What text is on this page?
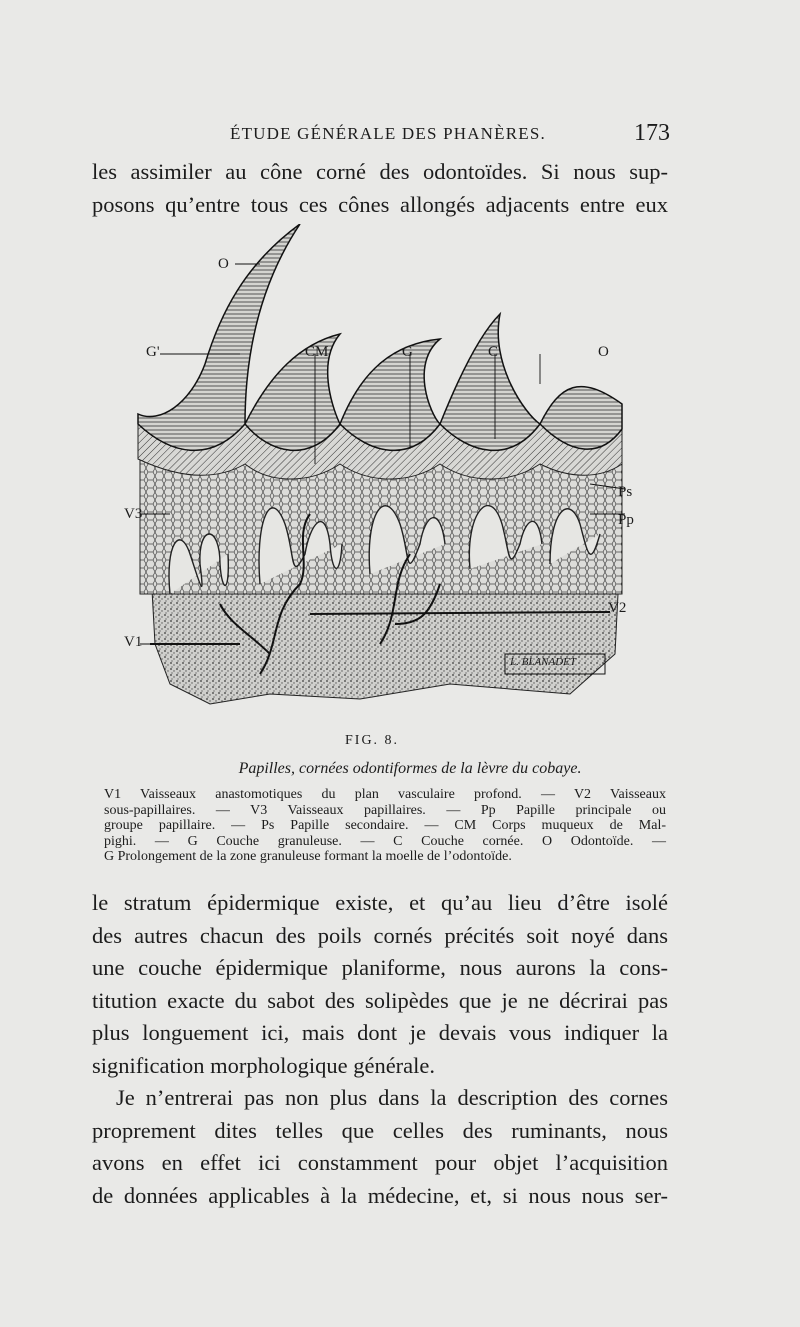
ÉTUDE GÉNÉRALE DES PHANÈRES.	173
les assimiler au cône corné des odontoïdes. Si nous sup-
posons qu’entre tous ces cônes allongés adjacents entre eux
O
G'	CM	G	C	O
Ps
Pp
V3
V2
V1
L. BLANADET
FIG. 8.
Papilles, cornées odontiformes de la lèvre du cobaye.
V1 Vaisseaux anastomotiques du plan vasculaire profond. — V2 Vaisseaux
sous-papillaires. — V3 Vaisseaux papillaires. — Pp Papille principale ou
groupe papillaire. — Ps Papille secondaire. — CM Corps muqueux de Mal-
pighi. — G Couche granuleuse. — C Couche cornée. O Odontoïde. —
G Prolongement de la zone granuleuse formant la moelle de l’odontoïde.
le stratum épidermique existe, et qu’au lieu d’être isolé
des autres chacun des poils cornés précités soit noyé dans
une couche épidermique planiforme, nous aurons la cons-
titution exacte du sabot des solipèdes que je ne décrirai pas
plus longuement ici, mais dont je devais vous indiquer la
signification morphologique générale.
Je n’entrerai pas non plus dans la description des cornes
proprement dites telles que celles des ruminants, nous
avons en effet ici constamment pour objet l’acquisition
de données applicables à la médecine, et, si nous nous ser-
